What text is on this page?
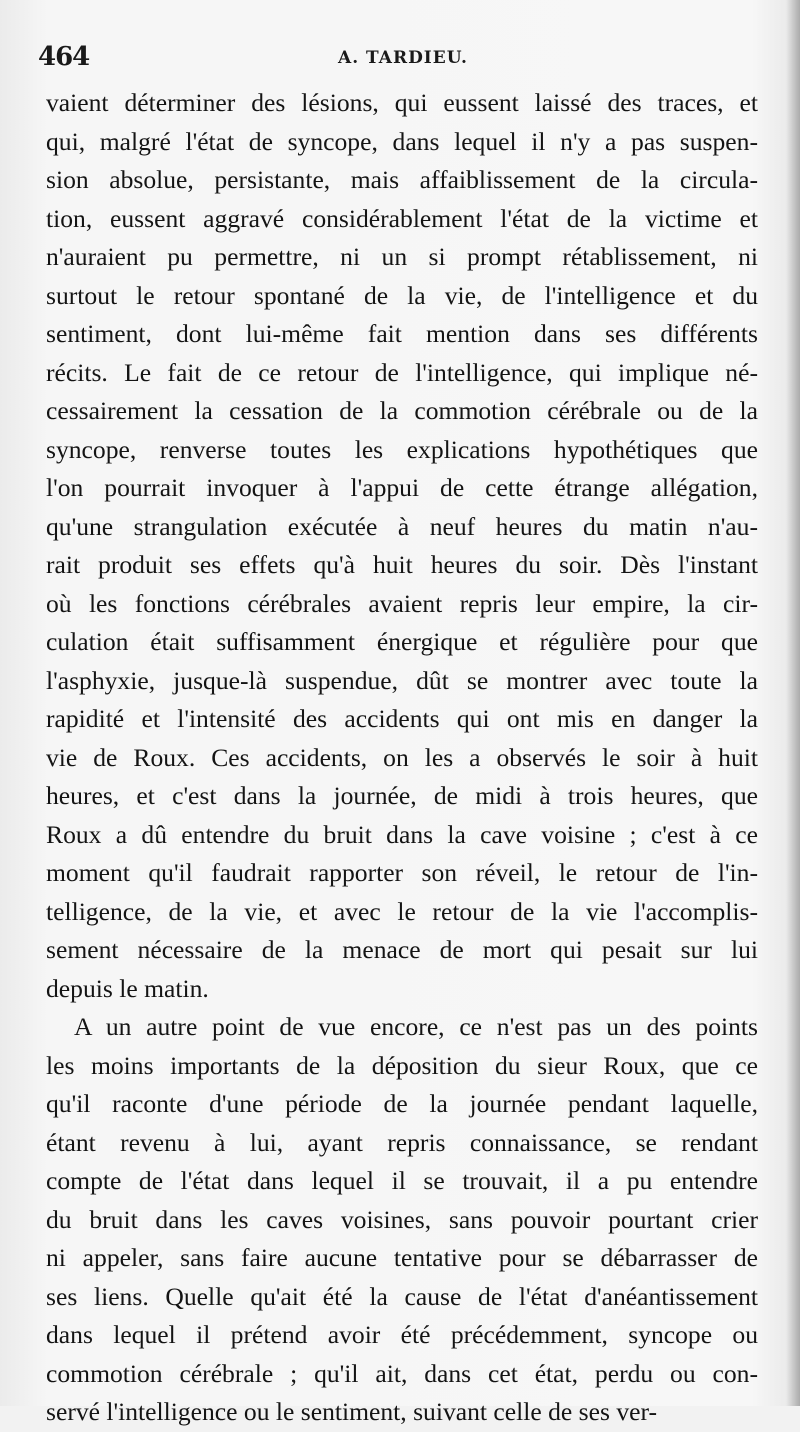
464	A. TARDIEU.
vaient déterminer des lésions, qui eussent laissé des traces, et
qui, malgré l'état de syncope, dans lequel il n'y a pas suspen-
sion absolue, persistante, mais affaiblissement de la circula-
tion, eussent aggravé considérablement l'état de la victime et
n'auraient pu permettre, ni un si prompt rétablissement, ni
surtout le retour spontané de la vie, de l'intelligence et du
sentiment, dont lui-même fait mention dans ses différents
récits. Le fait de ce retour de l'intelligence, qui implique né-
cessairement la cessation de la commotion cérébrale ou de la
syncope, renverse toutes les explications hypothétiques que
l'on pourrait invoquer à l'appui de cette étrange allégation,
qu'une strangulation exécutée à neuf heures du matin n'au-
rait produit ses effets qu'à huit heures du soir. Dès l'instant
où les fonctions cérébrales avaient repris leur empire, la cir-
culation était suffisamment énergique et régulière pour que
l'asphyxie, jusque-là suspendue, dût se montrer avec toute la
rapidité et l'intensité des accidents qui ont mis en danger la
vie de Roux. Ces accidents, on les a observés le soir à huit
heures, et c'est dans la journée, de midi à trois heures, que
Roux a dû entendre du bruit dans la cave voisine ; c'est à ce
moment qu'il faudrait rapporter son réveil, le retour de l'in-
telligence, de la vie, et avec le retour de la vie l'accomplis-
sement nécessaire de la menace de mort qui pesait sur lui
depuis le matin.
A un autre point de vue encore, ce n'est pas un des points
les moins importants de la déposition du sieur Roux, que ce
qu'il raconte d'une période de la journée pendant laquelle,
étant revenu à lui, ayant repris connaissance, se rendant
compte de l'état dans lequel il se trouvait, il a pu entendre
du bruit dans les caves voisines, sans pouvoir pourtant crier
ni appeler, sans faire aucune tentative pour se débarrasser de
ses liens. Quelle qu'ait été la cause de l'état d'anéantissement
dans lequel il prétend avoir été précédemment, syncope ou
commotion cérébrale ; qu'il ait, dans cet état, perdu ou con-
servé l'intelligence ou le sentiment, suivant celle de ses ver-
